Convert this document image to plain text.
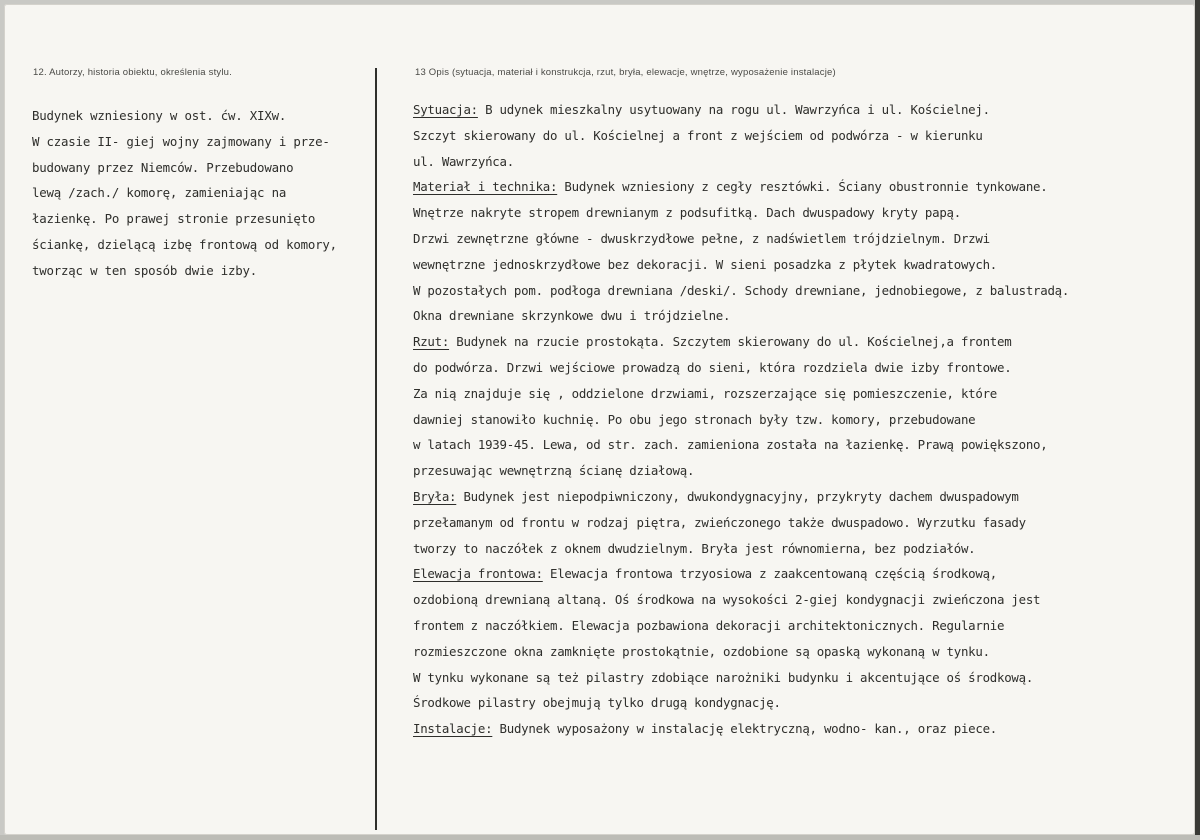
12. Autorzy, historia obiektu, określenia stylu.	13 Opis (sytuacja, materiał i konstrukcja, rzut, bryła, elewacje, wnętrze, wyposażenie instalacje)
Budynek wzniesiony w ost. ćw. XIXw.
W czasie II- giej wojny zajmowany i prze-
budowany przez Niemców. Przebudowano
lewą /zach./ komorę, zamieniając na
łazienkę. Po prawej stronie przesunięto
ściankę, dzielącą izbę frontową od komory,
tworząc w ten sposób dwie izby.
Sytuacja: B udynek mieszkalny usytuowany na rogu ul. Wawrzyńca i ul. Kościelnej.
Szczyt skierowany do ul. Kościelnej a front z wejściem od podwórza - w kierunku
ul. Wawrzyńca.
Materiał i technika: Budynek wzniesiony z cegły resztówki. Ściany obustronnie tynkowane.
Wnętrze nakryte stropem drewnianym z podsufitką. Dach dwuspadowy kryty papą.
Drzwi zewnętrzne główne - dwuskrzydłowe pełne, z nadświetlem trójdzielnym. Drzwi
wewnętrzne jednoskrzydłowe bez dekoracji. W sieni posadzka z płytek kwadratowych.
W pozostałych pom. podłoga drewniana /deski/. Schody drewniane, jednobiegowe, z balustradą.
Okna drewniane skrzynkowe dwu i trójdzielne.
Rzut: Budynek na rzucie prostokąta. Szczytem skierowany do ul. Kościelnej,a frontem
do podwórza. Drzwi wejściowe prowadzą do sieni, która rozdziela dwie izby frontowe.
Za nią znajduje się , oddzielone drzwiami, rozszerzające się pomieszczenie, które
dawniej stanowiło kuchnię. Po obu jego stronach były tzw. komory, przebudowane
w latach 1939-45. Lewa, od str. zach. zamieniona została na łazienkę. Prawą powiększono,
przesuwając wewnętrzną ścianę działową.
Bryła: Budynek jest niepodpiwniczony, dwukondygnacyjny, przykryty dachem dwuspadowym
przełamanym od frontu w rodzaj piętra, zwieńczonego także dwuspadowo. Wyrzutku fasady
tworzy to naczółek z oknem dwudzielnym. Bryła jest równomierna, bez podziałów.
Elewacja frontowa: Elewacja frontowa trzyosiowa z zaakcentowaną częścią środkową,
ozdobioną drewnianą altaną. Oś środkowa na wysokości 2-giej kondygnacji zwieńczona jest
frontem z naczółkiem. Elewacja pozbawiona dekoracji architektonicznych. Regularnie
rozmieszczone okna zamknięte prostokątnie, ozdobione są opaską wykonaną w tynku.
W tynku wykonane są też pilastry zdobiące narożniki budynku i akcentujące oś środkową.
Środkowe pilastry obejmują tylko drugą kondygnację.
Instalacje: Budynek wyposażony w instalację elektryczną, wodno- kan., oraz piece.
